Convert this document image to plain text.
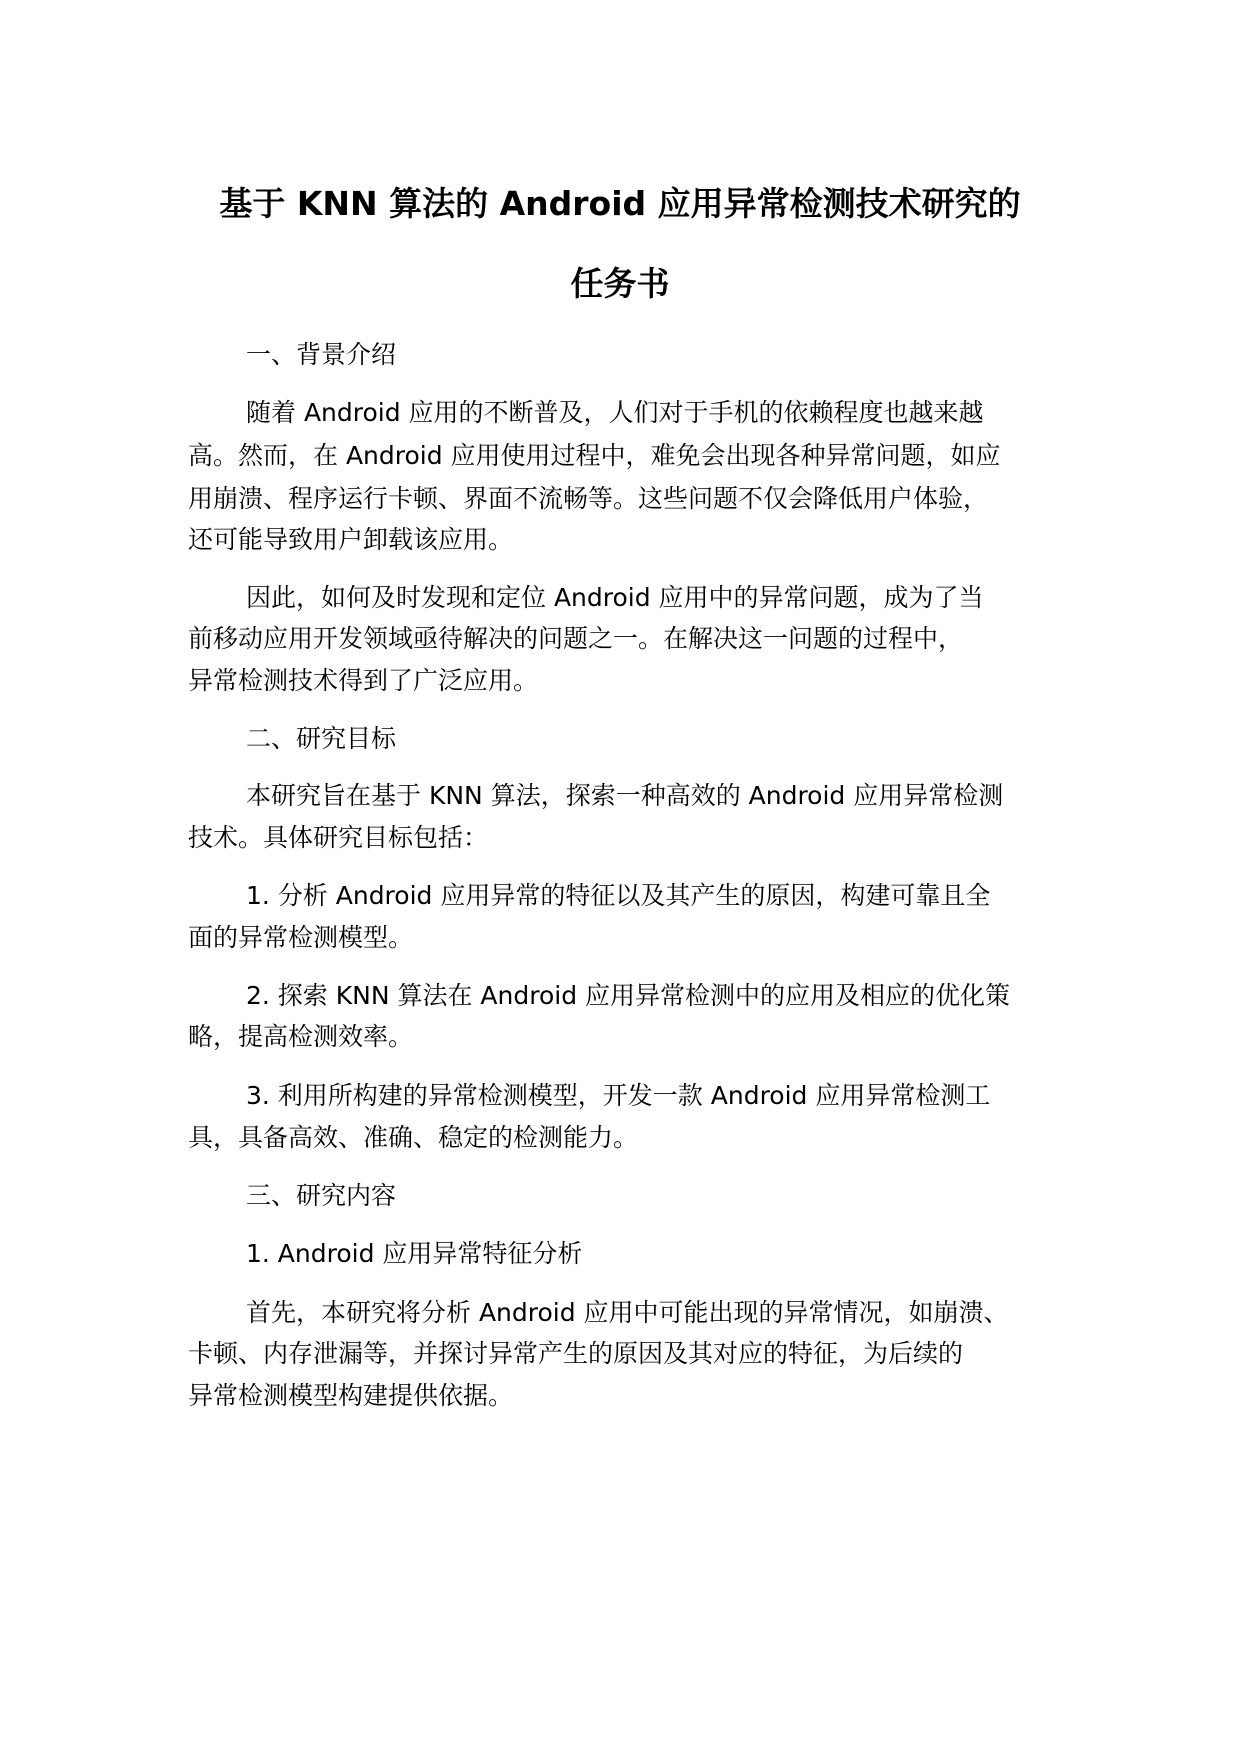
基于 KNN 算法的 Android 应用异常检测技术研究的
任务书
一、背景介绍
随着 Android 应用的不断普及，人们对于手机的依赖程度也越来越
高。然而，在 Android 应用使用过程中，难免会出现各种异常问题，如应
用崩溃、程序运行卡顿、界面不流畅等。这些问题不仅会降低用户体验，
还可能导致用户卸载该应用。
因此，如何及时发现和定位 Android 应用中的异常问题，成为了当
前移动应用开发领域亟待解决的问题之一。在解决这一问题的过程中，
异常检测技术得到了广泛应用。
二、研究目标
本研究旨在基于 KNN 算法，探索一种高效的 Android 应用异常检测
技术。具体研究目标包括：
1. 分析 Android 应用异常的特征以及其产生的原因，构建可靠且全
面的异常检测模型。
2. 探索 KNN 算法在 Android 应用异常检测中的应用及相应的优化策
略，提高检测效率。
3. 利用所构建的异常检测模型，开发一款 Android 应用异常检测工
具，具备高效、准确、稳定的检测能力。
三、研究内容
1. Android 应用异常特征分析
首先，本研究将分析 Android 应用中可能出现的异常情况，如崩溃、
卡顿、内存泄漏等，并探讨异常产生的原因及其对应的特征，为后续的
异常检测模型构建提供依据。
